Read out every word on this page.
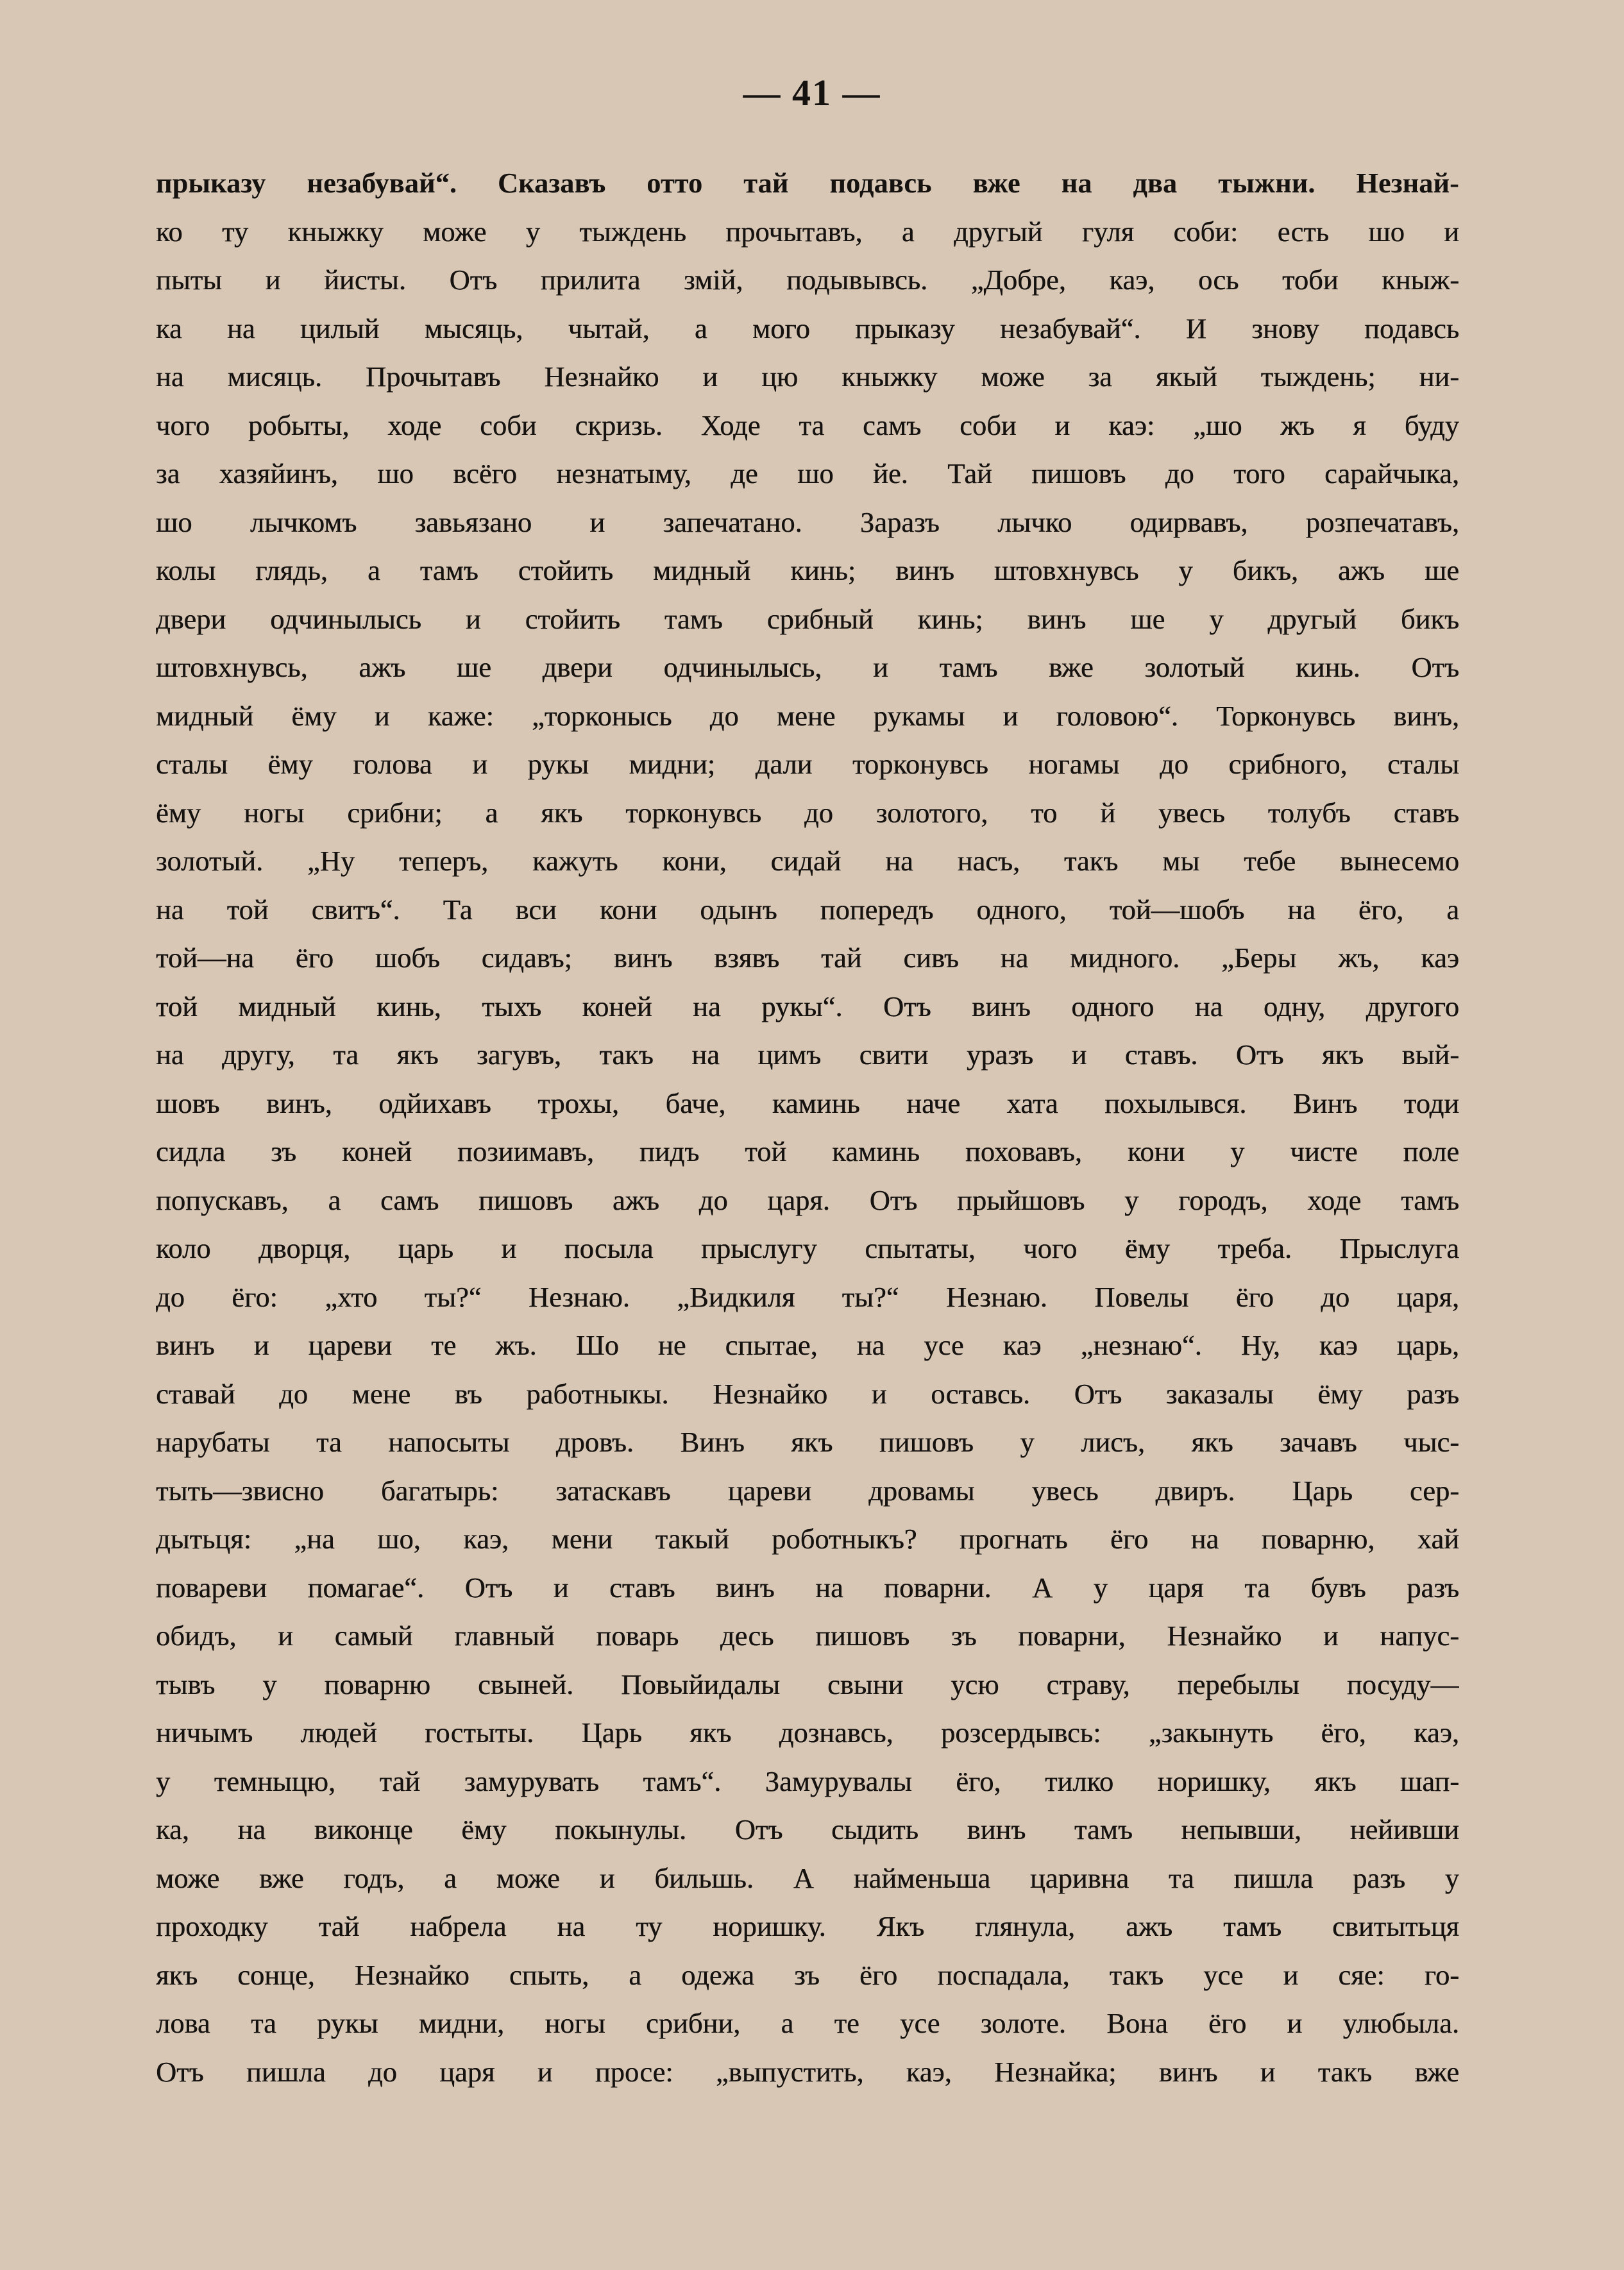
— 41 —
прыказу незабувай“. Сказавъ отто тай подавсь вже на два тыжни. Незнай-
ко ту кныжку може у тыждень прочытавъ, а другый гуля соби: есть шо и
пыты и йисты. Отъ прилита змій, подывывсь. „Добре, каэ, ось тоби кныж-
ка на цилый мысяць, чытай, а мого прыказу незабувай“. И знову подавсь
на мисяць. Прочытавъ Незнайко и цю кныжку може за якый тыждень; ни-
чого робыты, ходе соби скризь. Ходе та самъ соби и каэ: „шо жъ я буду
за хазяйинъ, шо всёго незнатыму, де шо йе. Тай пишовъ до того сарайчыка,
шо лычкомъ завьязано и запечатано. Заразъ лычко одирвавъ, розпечатавъ,
колы глядь, а тамъ стойить мидный кинь; винъ штовхнувсь у бикъ, ажъ ше
двери одчинылысь и стойить тамъ срибный кинь; винъ ше у другый бикъ
штовхнувсь, ажъ ше двери одчинылысь, и тамъ вже золотый кинь. Отъ
мидный ёму и каже: „торконысь до мене рукамы и головою“. Торконувсь винъ,
сталы ёму голова и рукы мидни; дали торконувсь ногамы до срибного, сталы
ёму ногы срибни; а якъ торконувсь до золотого, то й увесь толубъ ставъ
золотый. „Ну теперъ, кажуть кони, сидай на насъ, такъ мы тебе вынесемо
на той свитъ“. Та вси кони одынъ попередъ одного, той—шобъ на ёго, а
той—на ёго шобъ сидавъ; винъ взявъ тай сивъ на мидного. „Беры жъ, каэ
той мидный кинь, тыхъ коней на рукы“. Отъ винъ одного на одну, другого
на другу, та якъ загувъ, такъ на цимъ свити уразъ и ставъ. Отъ якъ вый-
шовъ винъ, одйихавъ трохы, баче, каминь наче хата похылывся. Винъ тоди
сидла зъ коней позиимавъ, пидъ той каминь поховавъ, кони у чисте поле
попускавъ, а самъ пишовъ ажъ до царя. Отъ прыйшовъ у городъ, ходе тамъ
коло дворця, царь и посыла прыслугу спытаты, чого ёму треба. Прыслуга
до ёго: „хто ты?“ Незнаю. „Видкиля ты?“ Незнаю. Повелы ёго до царя,
винъ и цареви те жъ. Шо не спытае, на усе каэ „незнаю“. Ну, каэ царь,
ставай до мене въ работныкы. Незнайко и оставсь. Отъ заказалы ёму разъ
нарубаты та напосыты дровъ. Винъ якъ пишовъ у лисъ, якъ зачавъ чыс-
тыть—звисно багатырь: затаскавъ цареви дровамы увесь двиръ. Царь сер-
дытьця: „на шо, каэ, мени такый роботныкъ? прогнать ёго на поварню, хай
повареви помагае“. Отъ и ставъ винъ на поварни. А у царя та бувъ разъ
обидъ, и самый главный поварь десь пишовъ зъ поварни, Незнайко и напус-
тывъ у поварню свыней. Повыйидалы свыни усю страву, перебылы посуду—
ничымъ людей гостыты. Царь якъ дознавсь, розсердывсь: „закынуть ёго, каэ,
у темныцю, тай замурувать тамъ“. Замурувалы ёго, тилко норишку, якъ шап-
ка, на виконце ёму покынулы. Отъ сыдить винъ тамъ непывши, нейивши
може вже годъ, а може и бильшь. А найменьша царивна та пишла разъ у
проходку тай набрела на ту норишку. Якъ глянула, ажъ тамъ свитытьця
якъ сонце, Незнайко спыть, а одежа зъ ёго поспадала, такъ усе и сяе: го-
лова та рукы мидни, ногы срибни, а те усе золоте. Вона ёго и улюбыла.
Отъ пишла до царя и просе: „выпустить, каэ, Незнайка; винъ и такъ вже
